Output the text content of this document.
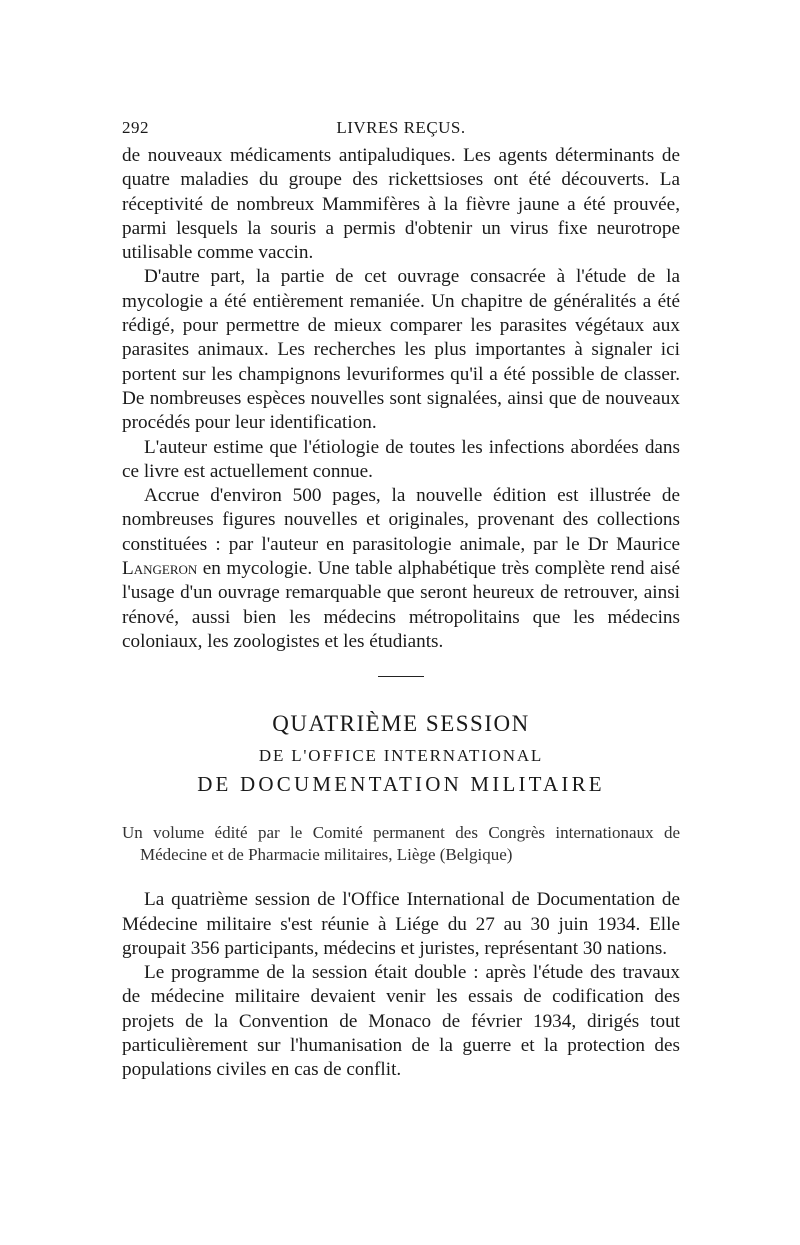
292	LIVRES REÇUS.

de nouveaux médicaments antipaludiques. Les agents déterminants de quatre maladies du groupe des rickettsioses ont été découverts. La réceptivité de nombreux Mammifères à la fièvre jaune a été prouvée, parmi lesquels la souris a permis d'obtenir un virus fixe neurotrope utilisable comme vaccin.

D'autre part, la partie de cet ouvrage consacrée à l'étude de la mycologie a été entièrement remaniée. Un chapitre de généralités a été rédigé, pour permettre de mieux comparer les parasites végétaux aux parasites animaux. Les recherches les plus importantes à signaler ici portent sur les champignons levuriformes qu'il a été possible de classer. De nombreuses espèces nouvelles sont signalées, ainsi que de nouveaux procédés pour leur identification.

L'auteur estime que l'étiologie de toutes les infections abordées dans ce livre est actuellement connue.

Accrue d'environ 500 pages, la nouvelle édition est illustrée de nombreuses figures nouvelles et originales, provenant des collections constituées : par l'auteur en parasitologie animale, par le Dr Maurice Langeron en mycologie. Une table alphabétique très complète rend aisé l'usage d'un ouvrage remarquable que seront heureux de retrouver, ainsi rénové, aussi bien les médecins métropolitains que les médecins coloniaux, les zoologistes et les étudiants.

QUATRIÈME SESSION
DE L'OFFICE INTERNATIONAL
DE DOCUMENTATION MILITAIRE

Un volume édité par le Comité permanent des Congrès internationaux de Médecine et de Pharmacie militaires, Liège (Belgique)

La quatrième session de l'Office International de Documentation de Médecine militaire s'est réunie à Liége du 27 au 30 juin 1934. Elle groupait 356 participants, médecins et juristes, représentant 30 nations.

Le programme de la session était double : après l'étude des travaux de médecine militaire devaient venir les essais de codification des projets de la Convention de Monaco de février 1934, dirigés tout particulièrement sur l'humanisation de la guerre et la protection des populations civiles en cas de conflit.
